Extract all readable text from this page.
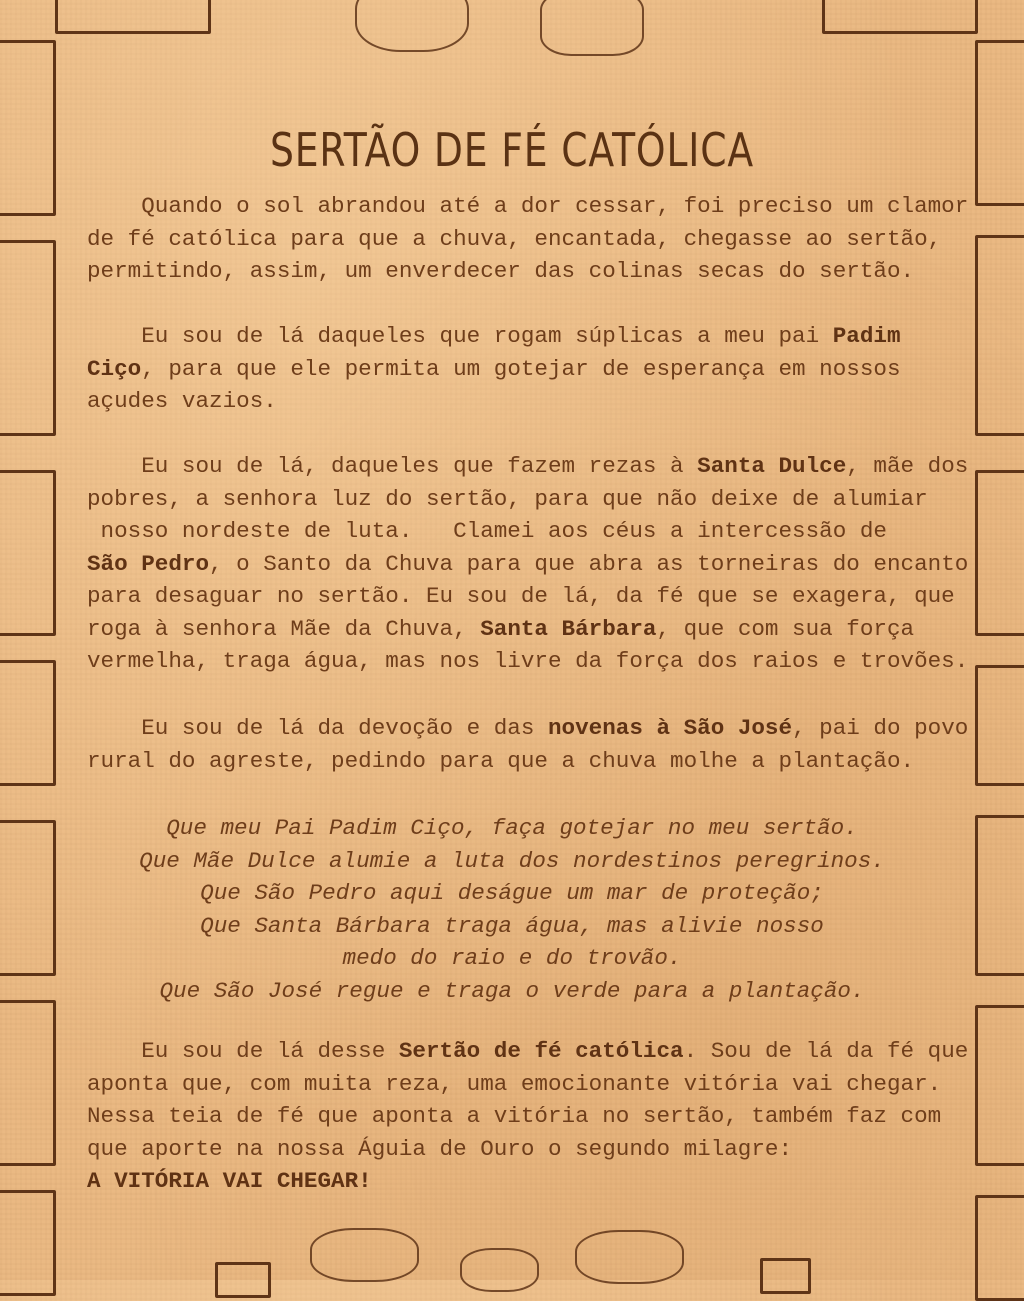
SERTÃO DE FÉ CATÓLICA
Quando o sol abrandou até a dor cessar, foi preciso um clamor
de fé católica para que a chuva, encantada, chegasse ao sertão,
permitindo, assim, um enverdecer das colinas secas do sertão.
Eu sou de lá daqueles que rogam súplicas a meu pai Padim
Ciço, para que ele permita um gotejar de esperança em nossos
açudes vazios.
Eu sou de lá, daqueles que fazem rezas à Santa Dulce, mãe dos
pobres, a senhora luz do sertão, para que não deixe de alumiar
nosso nordeste de luta.   Clamei aos céus a intercessão de
São Pedro, o Santo da Chuva para que abra as torneiras do encanto
para desaguar no sertão. Eu sou de lá, da fé que se exagera, que
roga à senhora Mãe da Chuva, Santa Bárbara, que com sua força
vermelha, traga água, mas nos livre da força dos raios e trovões.
Eu sou de lá da devoção e das novenas à São José, pai do povo
rural do agreste, pedindo para que a chuva molhe a plantação.
Que meu Pai Padim Ciço, faça gotejar no meu sertão.
Que Mãe Dulce alumie a luta dos nordestinos peregrinos.
Que São Pedro aqui deságue um mar de proteção;
Que Santa Bárbara traga água, mas alivie nosso
medo do raio e do trovão.
Que São José regue e traga o verde para a plantação.
Eu sou de lá desse Sertão de fé católica. Sou de lá da fé que
aponta que, com muita reza, uma emocionante vitória vai chegar.
Nessa teia de fé que aponta a vitória no sertão, também faz com
que aporte na nossa Águia de Ouro o segundo milagre:
A VITÓRIA VAI CHEGAR!
